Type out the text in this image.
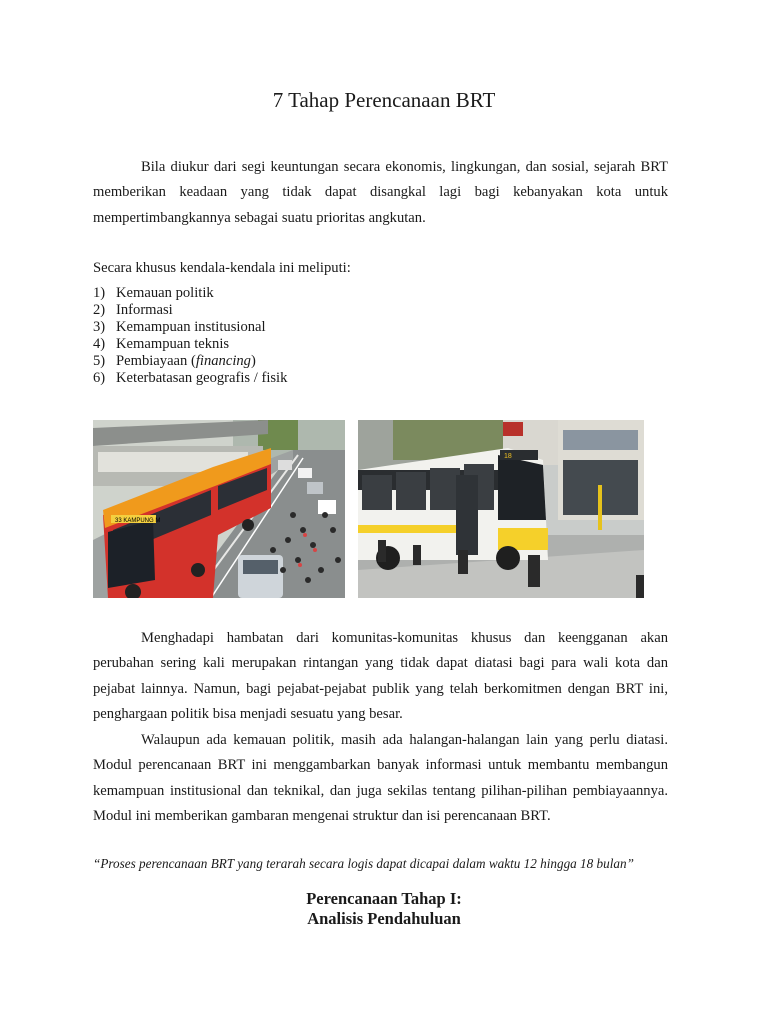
7 Tahap Perencanaan BRT

Bila diukur dari segi keuntungan secara ekonomis, lingkungan, dan sosial, sejarah BRT memberikan keadaan yang tidak dapat disangkal lagi bagi kebanyakan kota untuk mempertimbangkannya sebagai suatu prioritas angkutan.

Secara khusus kendala-kendala ini meliputi:

1) Kemauan politik
2) Informasi
3) Kemampuan institusional
4) Kemampuan teknis
5) Pembiayaan (financing)
6) Keterbatasan geografis / fisik
33 KAMPUNG M
18

Menghadapi hambatan dari komunitas-komunitas khusus dan keengganan akan perubahan sering kali merupakan rintangan yang tidak dapat diatasi bagi para wali kota dan pejabat lainnya. Namun, bagi pejabat-pejabat publik yang telah berkomitmen dengan BRT ini, penghargaan politik bisa menjadi sesuatu yang besar.

Walaupun ada kemauan politik, masih ada halangan-halangan lain yang perlu diatasi. Modul perencanaan BRT ini menggambarkan banyak informasi untuk membantu membangun kemampuan institusional dan teknikal, dan juga sekilas tentang pilihan-pilihan pembiayaannya. Modul ini memberikan gambaran mengenai struktur dan isi perencanaan BRT.

“Proses perencanaan BRT yang terarah secara logis dapat dicapai dalam waktu 12 hingga 18 bulan”

Perencanaan Tahap I:
Analisis Pendahuluan
